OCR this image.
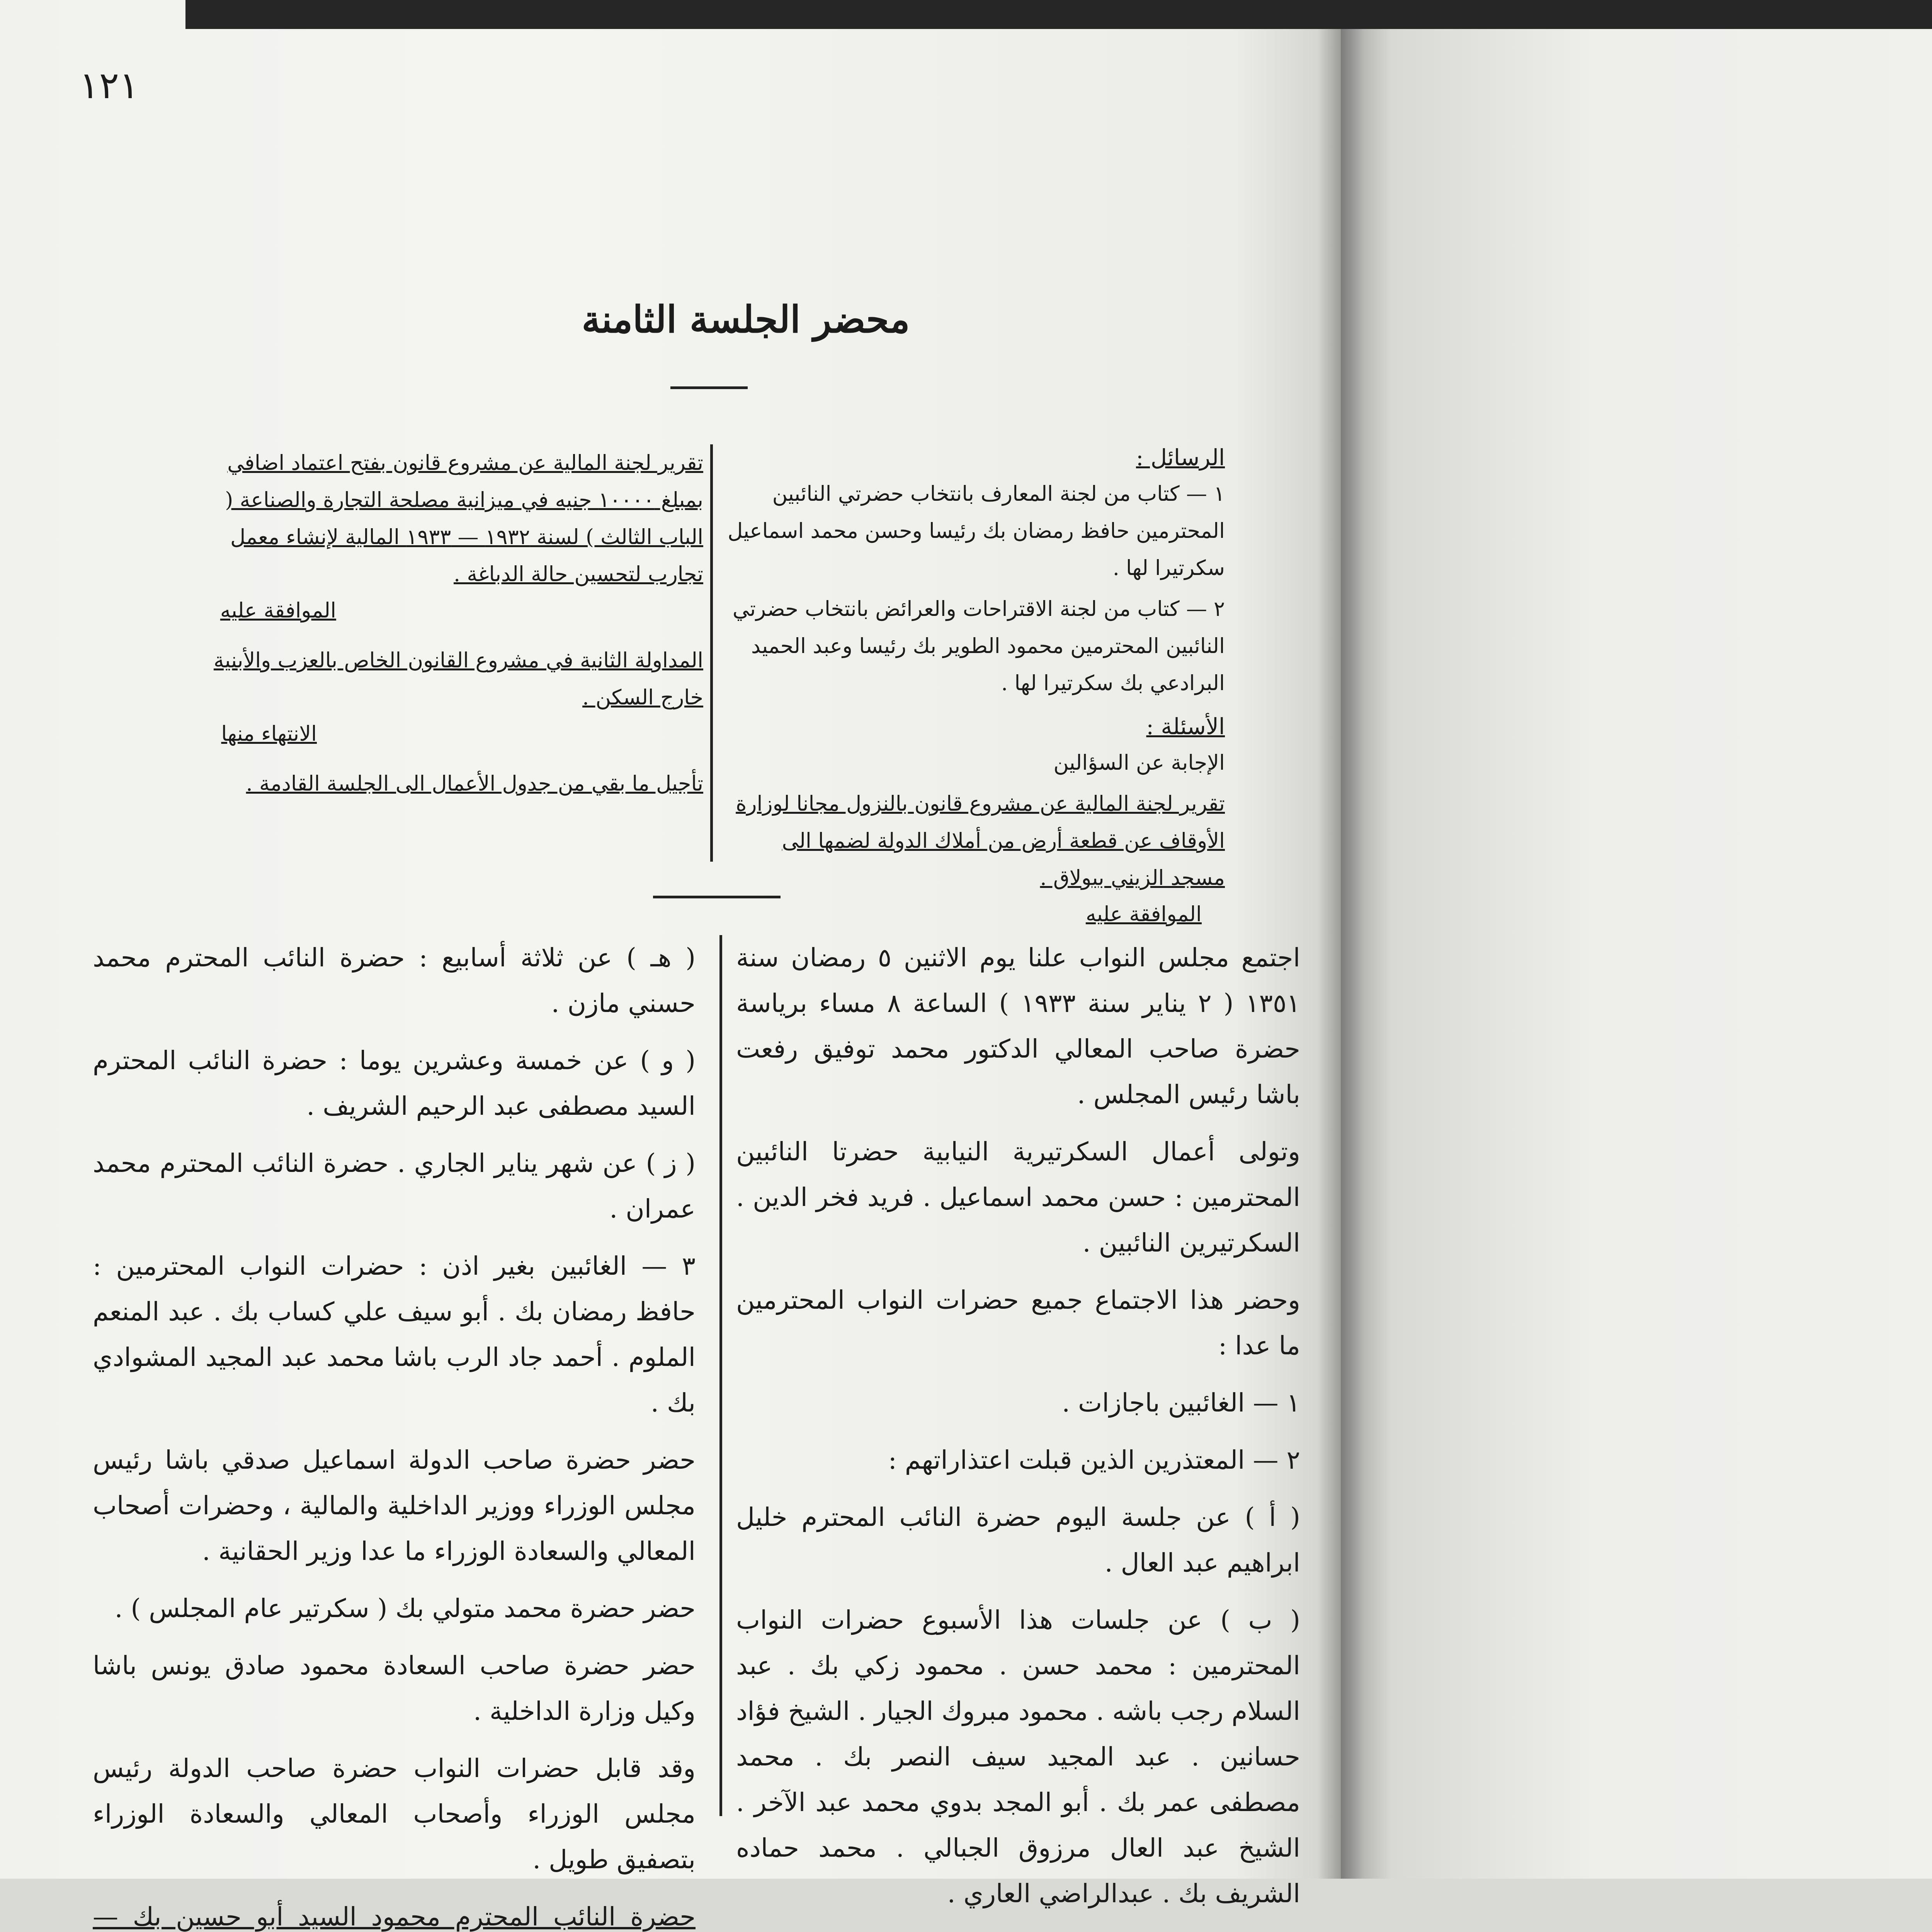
١٢١
محضر الجلسة الثامنة
الرسائل :
١ — كتاب من لجنة المعارف بانتخاب حضرتي النائبين المحترمين حافظ رمضان بك رئيسا وحسن محمد اسماعيل سكرتيرا لها .
٢ — كتاب من لجنة الاقتراحات والعرائض بانتخاب حضرتي النائبين المحترمين محمود الطوير بك رئيسا وعبد الحميد البرادعي بك سكرتيرا لها .
الأسئلة :
الإجابة عن السؤالين
تقرير لجنة المالية عن مشروع قانون بالنزول مجانا لوزارة الأوقاف عن قطعة أرض من أملاك الدولة لضمها الى مسجد الزيني ببولاق .
الموافقة عليه
تقرير لجنة المالية عن مشروع قانون بفتح اعتماد اضافي بمبلغ ١٠٠٠٠ جنيه في ميزانية مصلحة التجارة والصناعة ( الباب الثالث ) لسنة ١٩٣٢ — ١٩٣٣ المالية لإنشاء معمل تجارب لتحسين حالة الدباغة .
الموافقة عليه
المداولة الثانية في مشروع القانون الخاص بالعزب والأبنية خارج السكن .
الانتهاء منها
تأجيل ما بقي من جدول الأعمال الى الجلسة القادمة .
اجتمع مجلس النواب علنا يوم الاثنين ٥ رمضان سنة ١٣٥١ ( ٢ يناير سنة ١٩٣٣ ) الساعة ٨ مساء برياسة حضرة صاحب المعالي الدكتور محمد توفيق رفعت باشا رئيس المجلس .
وتولى أعمال السكرتيرية النيابية حضرتا النائبين المحترمين : حسن محمد اسماعيل . فريد فخر الدين . السكرتيرين النائبين .
وحضر هذا الاجتماع جميع حضرات النواب المحترمين ما عدا :
١ — الغائبين باجازات .
٢ — المعتذرين الذين قبلت اعتذاراتهم :
( أ ) عن جلسة اليوم حضرة النائب المحترم خليل ابراهيم عبد العال .
( ب ) عن جلسات هذا الأسبوع حضرات النواب المحترمين : محمد حسن . محمود زكي بك . عبد السلام رجب باشه . محمود مبروك الجيار . الشيخ فؤاد حسانين . عبد المجيد سيف النصر بك . محمد مصطفى عمر بك . أبو المجد بدوي محمد عبد الآخر . الشيخ عبد العال مرزوق الجبالي . محمد حماده الشريف بك . عبدالراضي العاري .
( هـ ) عن ثلاثة أسابيع : حضرة النائب المحترم محمد حسني مازن .
( و ) عن خمسة وعشرين يوما : حضرة النائب المحترم السيد مصطفى عبد الرحيم الشريف .
( ز ) عن شهر يناير الجاري . حضرة النائب المحترم محمد عمران .
٣ — الغائبين بغير اذن : حضرات النواب المحترمين : حافظ رمضان بك . أبو سيف علي كساب بك . عبد المنعم الملوم . أحمد جاد الرب باشا محمد عبد المجيد المشوادي بك .
حضر حضرة صاحب الدولة اسماعيل صدقي باشا رئيس مجلس الوزراء ووزير الداخلية والمالية ، وحضرات أصحاب المعالي والسعادة الوزراء ما عدا وزير الحقانية .
حضر حضرة محمد متولي بك ( سكرتير عام المجلس ) .
حضر حضرة صاحب السعادة محمود صادق يونس باشا وكيل وزارة الداخلية .
وقد قابل حضرات النواب حضرة صاحب الدولة رئيس مجلس الوزراء وأصحاب المعالي والسعادة الوزراء بتصفيق طويل .
حضرة النائب المحترم محمود السيد أبو حسين بك —
